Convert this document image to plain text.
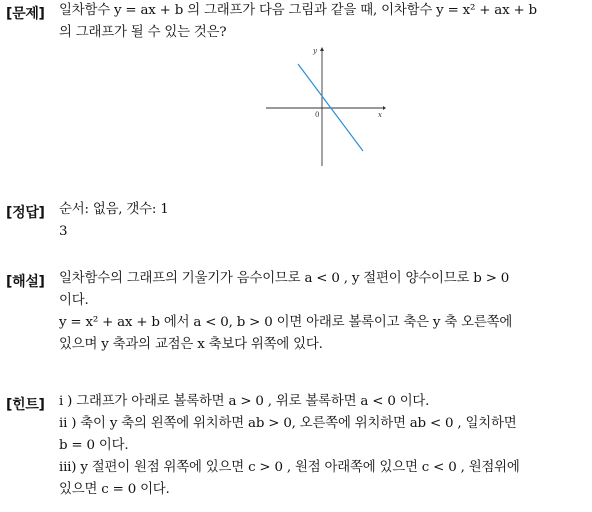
[문제] 일차함수 y = ax + b 의 그래프가 다음 그림과 같을 때, 이차함수 y = x² + ax + b
의 그래프가 될 수 있는 것은?
x
y
0
[정답] 순서: 없음, 갯수: 1
3
[해설] 일차함수의 그래프의 기울기가 음수이므로 a < 0 , y 절편이 양수이므로 b > 0
이다.
y = x² + ax + b 에서 a < 0, b > 0 이면 아래로 볼록이고 축은 y 축 오른쪽에
있으며 y 축과의 교점은 x 축보다 위쪽에 있다.
[힌트] i ) 그래프가 아래로 볼록하면 a > 0 , 위로 볼록하면 a < 0 이다.
ii ) 축이 y 축의 왼쪽에 위치하면 ab > 0, 오른쪽에 위치하면 ab < 0 , 일치하면
b = 0 이다.
iii) y 절편이 원점 위쪽에 있으면 c > 0 , 원점 아래쪽에 있으면 c < 0 , 원점위에
있으면 c = 0 이다.
